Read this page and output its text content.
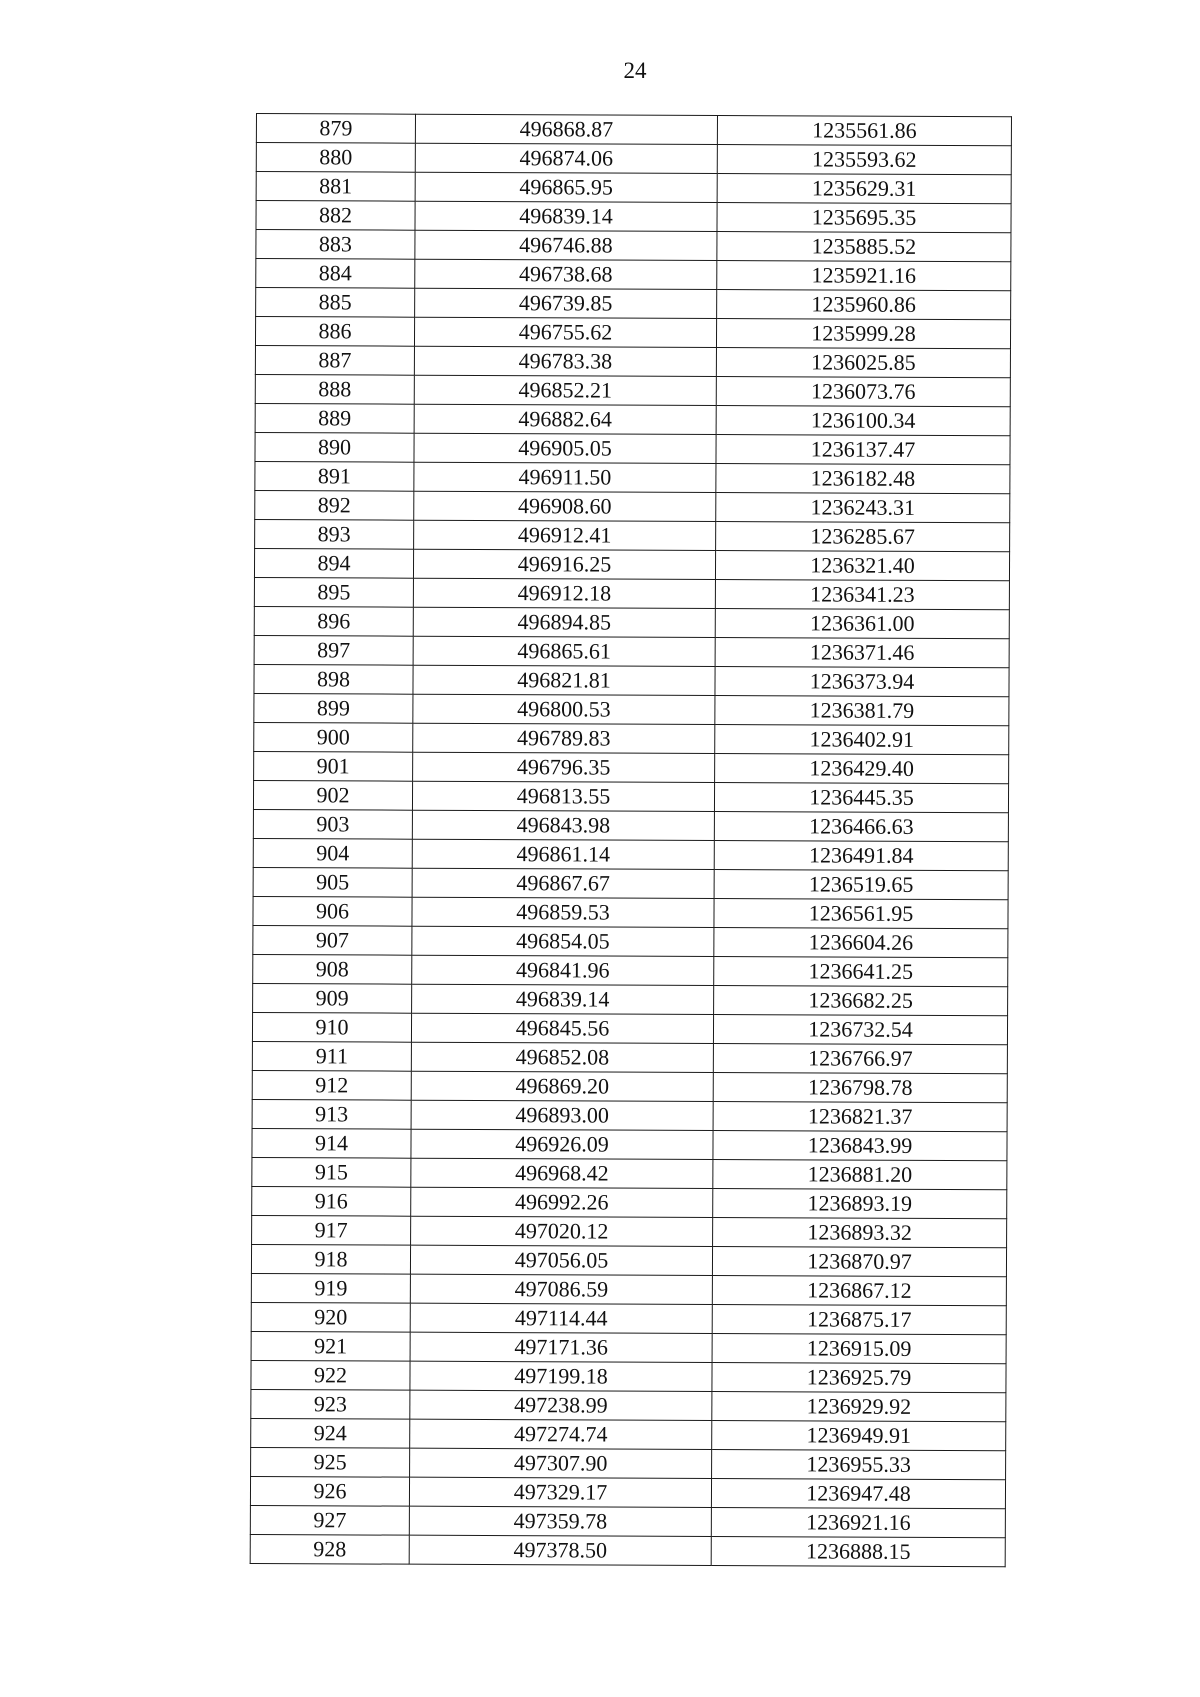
24
879	496868.87	1235561.86
880	496874.06	1235593.62
881	496865.95	1235629.31
882	496839.14	1235695.35
883	496746.88	1235885.52
884	496738.68	1235921.16
885	496739.85	1235960.86
886	496755.62	1235999.28
887	496783.38	1236025.85
888	496852.21	1236073.76
889	496882.64	1236100.34
890	496905.05	1236137.47
891	496911.50	1236182.48
892	496908.60	1236243.31
893	496912.41	1236285.67
894	496916.25	1236321.40
895	496912.18	1236341.23
896	496894.85	1236361.00
897	496865.61	1236371.46
898	496821.81	1236373.94
899	496800.53	1236381.79
900	496789.83	1236402.91
901	496796.35	1236429.40
902	496813.55	1236445.35
903	496843.98	1236466.63
904	496861.14	1236491.84
905	496867.67	1236519.65
906	496859.53	1236561.95
907	496854.05	1236604.26
908	496841.96	1236641.25
909	496839.14	1236682.25
910	496845.56	1236732.54
911	496852.08	1236766.97
912	496869.20	1236798.78
913	496893.00	1236821.37
914	496926.09	1236843.99
915	496968.42	1236881.20
916	496992.26	1236893.19
917	497020.12	1236893.32
918	497056.05	1236870.97
919	497086.59	1236867.12
920	497114.44	1236875.17
921	497171.36	1236915.09
922	497199.18	1236925.79
923	497238.99	1236929.92
924	497274.74	1236949.91
925	497307.90	1236955.33
926	497329.17	1236947.48
927	497359.78	1236921.16
928	497378.50	1236888.15
